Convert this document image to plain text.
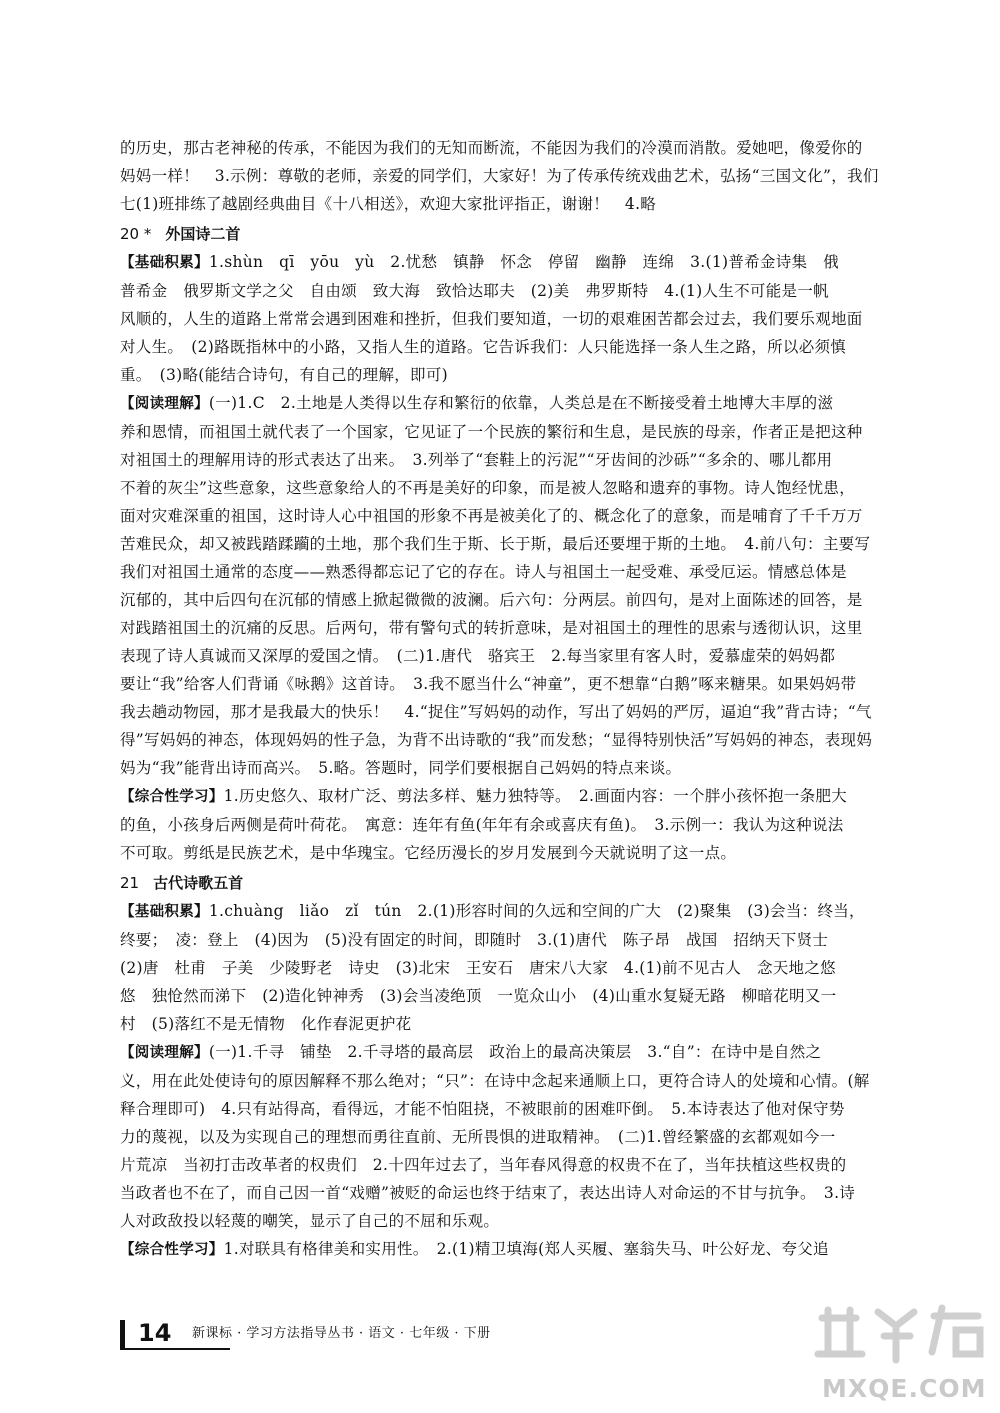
的历史，那古老神秘的传承，不能因为我们的无知而断流，不能因为我们的冷漠而消散。爱她吧，像爱你的
妈妈一样！　3.示例：尊敬的老师，亲爱的同学们，大家好！为了传承传统戏曲艺术，弘扬“三国文化”，我们
七(1)班排练了越剧经典曲目《十八相送》，欢迎大家批评指正，谢谢！　4.略
20 * 外国诗二首
【基础积累】1.shùn　qī　yōu　yù　2.忧愁　镇静　怀念　停留　幽静　连绵　3.(1)普希金诗集　俄
普希金　俄罗斯文学之父　自由颂　致大海　致恰达耶夫　(2)美　弗罗斯特　4.(1)人生不可能是一帆
风顺的，人生的道路上常常会遇到困难和挫折，但我们要知道，一切的艰难困苦都会过去，我们要乐观地面
对人生。　(2)路既指林中的小路，又指人生的道路。它告诉我们：人只能选择一条人生之路，所以必须慎
重。　(3)略(能结合诗句，有自己的理解，即可)
【阅读理解】(一)1.C　2.土地是人类得以生存和繁衍的依靠，人类总是在不断接受着土地博大丰厚的滋
养和恩情，而祖国土就代表了一个国家，它见证了一个民族的繁衍和生息，是民族的母亲，作者正是把这种
对祖国土的理解用诗的形式表达了出来。　3.列举了“套鞋上的污泥”“牙齿间的沙砾”“多余的、哪儿都用
不着的灰尘”这些意象，这些意象给人的不再是美好的印象，而是被人忽略和遗弃的事物。诗人饱经忧患，
面对灾难深重的祖国，这时诗人心中祖国的形象不再是被美化了的、概念化了的意象，而是哺育了千千万万
苦难民众，却又被践踏蹂躏的土地，那个我们生于斯、长于斯，最后还要埋于斯的土地。　4.前八句：主要写
我们对祖国土通常的态度——熟悉得都忘记了它的存在。诗人与祖国土一起受难、承受厄运。情感总体是
沉郁的，其中后四句在沉郁的情感上掀起微微的波澜。后六句：分两层。前四句，是对上面陈述的回答，是
对践踏祖国土的沉痛的反思。后两句，带有警句式的转折意味，是对祖国土的理性的思索与透彻认识，这里
表现了诗人真诚而又深厚的爱国之情。　(二)1.唐代　骆宾王　2.每当家里有客人时，爱慕虚荣的妈妈都
要让“我”给客人们背诵《咏鹅》这首诗。　3.我不愿当什么“神童”，更不想靠“白鹅”啄来糖果。如果妈妈带
我去趟动物园，那才是我最大的快乐！　4.“捉住”写妈妈的动作，写出了妈妈的严厉，逼迫“我”背古诗；“气
得”写妈妈的神态，体现妈妈的性子急，为背不出诗歌的“我”而发愁；“显得特别快活”写妈妈的神态，表现妈
妈为“我”能背出诗而高兴。　5.略。答题时，同学们要根据自己妈妈的特点来谈。
【综合性学习】1.历史悠久、取材广泛、剪法多样、魅力独特等。　2.画面内容：一个胖小孩怀抱一条肥大
的鱼，小孩身后两侧是荷叶荷花。　寓意：连年有鱼(年年有余或喜庆有鱼)。　3.示例一：我认为这种说法
不可取。剪纸是民族艺术，是中华瑰宝。它经历漫长的岁月发展到今天就说明了这一点。
21 古代诗歌五首
【基础积累】1.chuàng　liǎo　zǐ　tún　2.(1)形容时间的久远和空间的广大　(2)聚集　(3)会当：终当，
终要；　凌：登上　(4)因为　(5)没有固定的时间，即随时　3.(1)唐代　陈子昂　战国　招纳天下贤士
(2)唐　杜甫　子美　少陵野老　诗史　(3)北宋　王安石　唐宋八大家　4.(1)前不见古人　念天地之悠
悠　独怆然而涕下　(2)造化钟神秀　(3)会当凌绝顶　一览众山小　(4)山重水复疑无路　柳暗花明又一
村　(5)落红不是无情物　化作春泥更护花
【阅读理解】(一)1.千寻　铺垫　2.千寻塔的最高层　政治上的最高决策层　3.“自”：在诗中是自然之
义，用在此处使诗句的原因解释不那么绝对；“只”：在诗中念起来通顺上口，更符合诗人的处境和心情。(解
释合理即可)　4.只有站得高，看得远，才能不怕阻挠，不被眼前的困难吓倒。　5.本诗表达了他对保守势
力的蔑视，以及为实现自己的理想而勇往直前、无所畏惧的进取精神。　(二)1.曾经繁盛的玄都观如今一
片荒凉　当初打击改革者的权贵们　2.十四年过去了，当年春风得意的权贵不在了，当年扶植这些权贵的
当政者也不在了，而自己因一首“戏赠”被贬的命运也终于结束了，表达出诗人对命运的不甘与抗争。　3.诗
人对政敌投以轻蔑的嘲笑，显示了自己的不屈和乐观。
【综合性学习】1.对联具有格律美和实用性。　2.(1)精卫填海(郑人买履、塞翁失马、叶公好龙、夸父追
14 新课标 · 学习方法指导丛书 · 语文 · 七年级 · 下册
MXQE.COM
